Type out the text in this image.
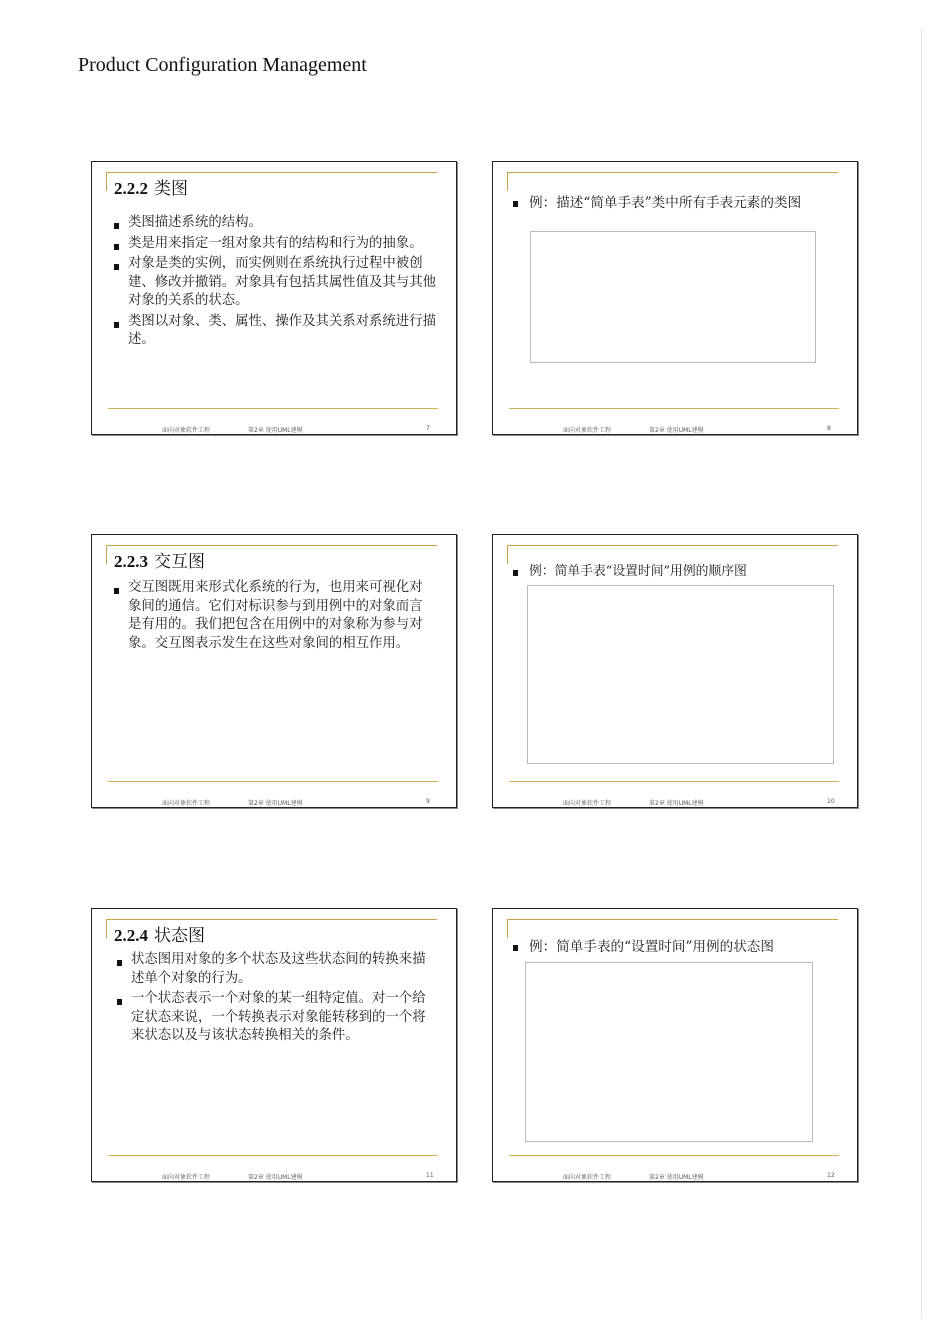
Product Configuration Management
2.2.2 类图
类图描述系统的结构。
类是用来指定一组对象共有的结构和行为的抽象。
对象是类的实例，而实例则在系统执行过程中被创建、修改并撤销。对象具有包括其属性值及其与其他对象的关系的状态。
类图以对象、类、属性、操作及其关系对系统进行描述。
面向对象软件工程	第2章 使用UML建模	7
例：描述“简单手表”类中所有手表元素的类图
面向对象软件工程	第2章 使用UML建模	8
2.2.3 交互图
交互图既用来形式化系统的行为，也用来可视化对象间的通信。它们对标识参与到用例中的对象而言是有用的。我们把包含在用例中的对象称为参与对象。交互图表示发生在这些对象间的相互作用。
面向对象软件工程	第2章 使用UML建模	9
例：简单手表“设置时间”用例的顺序图
面向对象软件工程	第2章 使用UML建模	10
2.2.4 状态图
状态图用对象的多个状态及这些状态间的转换来描述单个对象的行为。
一个状态表示一个对象的某一组特定值。对一个给定状态来说，一个转换表示对象能转移到的一个将来状态以及与该状态转换相关的条件。
面向对象软件工程	第2章 使用UML建模	11
例：简单手表的“设置时间”用例的状态图
面向对象软件工程	第2章 使用UML建模	12
